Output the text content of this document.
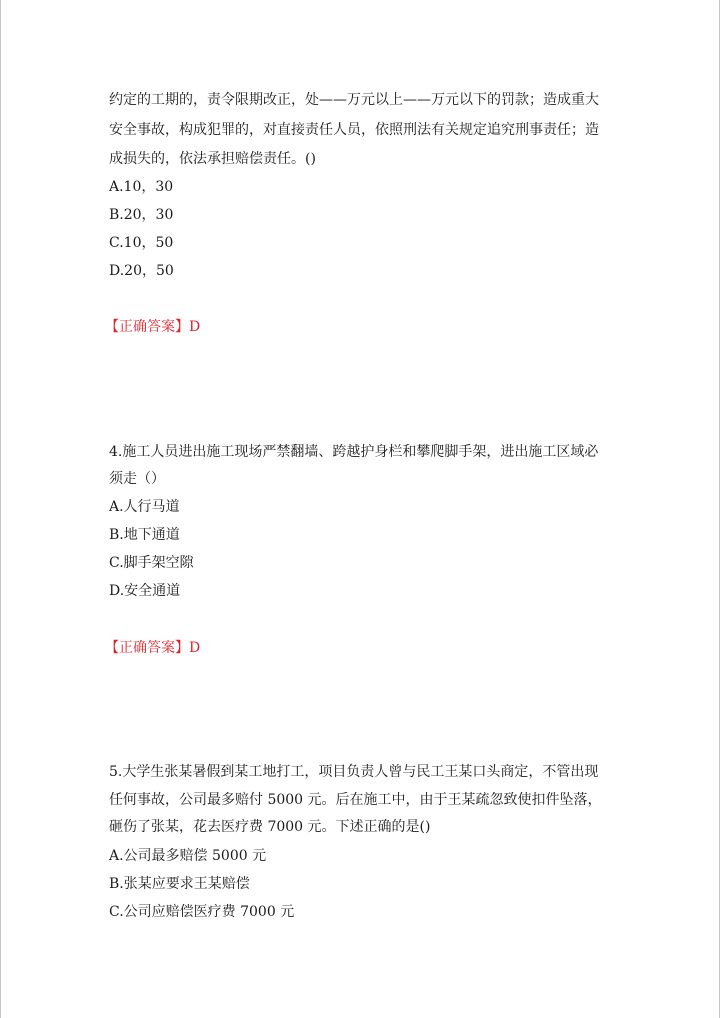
约定的工期的，责令限期改正，处——万元以上——万元以下的罚款；造成重大
安全事故，构成犯罪的，对直接责任人员，依照刑法有关规定追究刑事责任；造
成损失的，依法承担赔偿责任。()
A.10，30
B.20，30
C.10，50
D.20，50
【正确答案】D
4.施工人员进出施工现场严禁翻墙、跨越护身栏和攀爬脚手架，进出施工区域必
须走（）
A.人行马道
B.地下通道
C.脚手架空隙
D.安全通道
【正确答案】D
5.大学生张某暑假到某工地打工，项目负责人曾与民工王某口头商定，不管出现
任何事故，公司最多赔付 5000 元。后在施工中，由于王某疏忽致使扣件坠落，
砸伤了张某，花去医疗费 7000 元。下述正确的是()
A.公司最多赔偿 5000 元
B.张某应要求王某赔偿
C.公司应赔偿医疗费 7000 元
